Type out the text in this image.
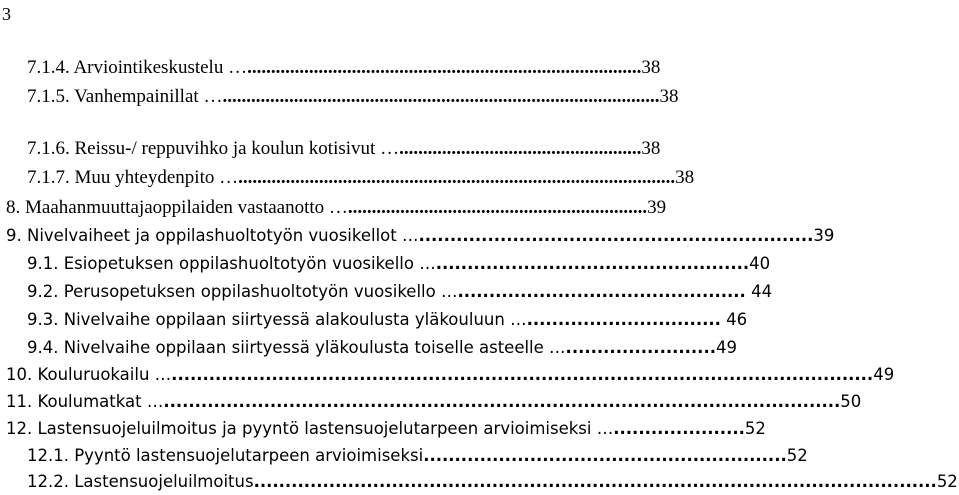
3
7.1.4. Arviointikeskustelu …...................................................................................38
7.1.5. Vanhempainillat …............................................................................................38
7.1.6. Reissu-/ reppuvihko ja koulun kotisivut …...................................................38
7.1.7. Muu yhteydenpito …............................................................................................38
8. Maahanmuuttajaoppilaiden vastaanotto …...............................................................39
9. Nivelvaiheet ja oppilashuoltotyön vuosikellot …...............................................................39
9.1. Esiopetuksen oppilashuoltotyön vuosikello …..................................................40
9.2. Perusopetuksen oppilashuoltotyön vuosikello ….............................................. 44
9.3. Nivelvaihe oppilaan siirtyessä alakoulusta yläkouluun …............................... 46
9.4. Nivelvaihe oppilaan siirtyessä yläkoulusta toiselle asteelle …........................49
10. Kouluruokailu …................................................................................................................49
11. Koulumatkat …............................................................................................................50
12. Lastensuojeluilmoitus ja pyyntö lastensuojelutarpeen arvioimiseksi ….....................52
12.1. Pyyntö lastensuojelutarpeen arvioimiseksi..........................................................52
12.2. Lastensuojeluilmoitus.............................................................................................................52
